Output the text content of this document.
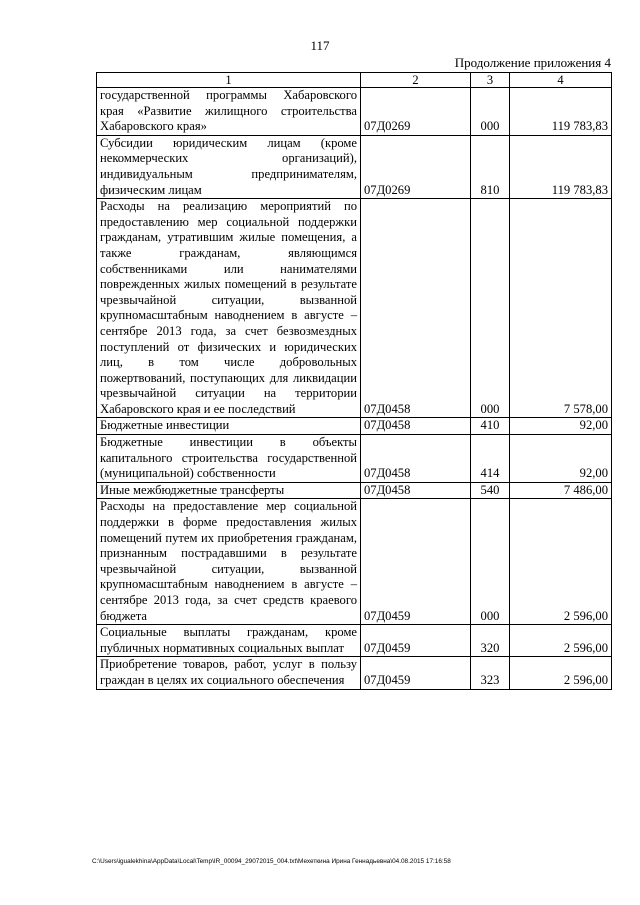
117
Продолжение приложения 4
1	2	3	4
государственной программы Хабаровского края «Развитие жилищного строительства Хабаровского края»	07Д0269	000	119 783,83
Субсидии юридическим лицам (кроме некоммерческих организаций), индивидуальным предпринимателям, физическим лицам	07Д0269	810	119 783,83
Расходы на реализацию мероприятий по предоставлению мер социальной поддержки гражданам, утратившим жилые помещения, а также гражданам, являющимся собственниками или нанимателями поврежденных жилых помещений в результате чрезвычайной ситуации, вызванной крупномасштабным наводнением в августе – сентябре 2013 года, за счет безвозмездных поступлений от физических и юридических лиц, в том числе добровольных пожертвований, поступающих для ликвидации чрезвычайной ситуации на территории Хабаровского края и ее последствий	07Д0458	000	7 578,00
Бюджетные инвестиции	07Д0458	410	92,00
Бюджетные инвестиции в объекты капитального строительства государственной (муниципальной) собственности	07Д0458	414	92,00
Иные межбюджетные трансферты	07Д0458	540	7 486,00
Расходы на предоставление мер социальной поддержки в форме предоставления жилых помещений путем их приобретения гражданам, признанным пострадавшими в результате чрезвычайной ситуации, вызванной крупномасштабным наводнением в августе – сентябре 2013 года, за счет средств краевого бюджета	07Д0459	000	2 596,00
Социальные выплаты гражданам, кроме публичных нормативных социальных выплат	07Д0459	320	2 596,00
Приобретение товаров, работ, услуг в пользу граждан в целях их социального обеспечения	07Д0459	323	2 596,00
C:\Users\igualekhina\AppData\Local\Temp\IR_00094_29072015_004.txt\Мехеткина Ирина Геннадьевна\04.08.2015 17:16:58
